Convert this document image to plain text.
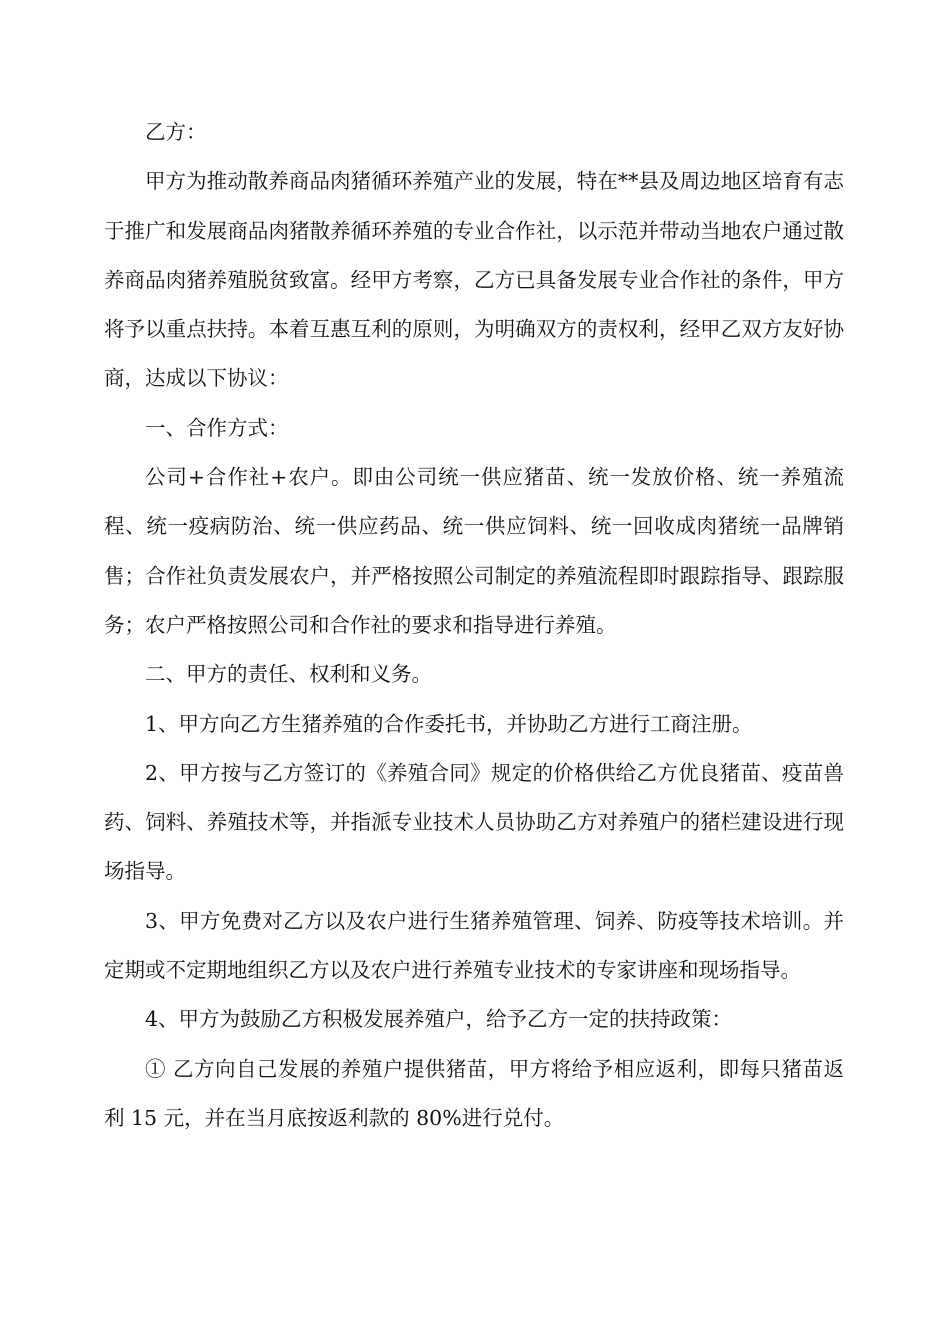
乙方：

甲方为推动散养商品肉猪循环养殖产业的发展，特在**县及周边地区培育有志于推广和发展商品肉猪散养循环养殖的专业合作社，以示范并带动当地农户通过散养商品肉猪养殖脱贫致富。经甲方考察，乙方已具备发展专业合作社的条件，甲方将予以重点扶持。本着互惠互利的原则，为明确双方的责权利，经甲乙双方友好协商，达成以下协议：

一、合作方式：

公司+合作社+农户。即由公司统一供应猪苗、统一发放价格、统一养殖流程、统一疫病防治、统一供应药品、统一供应饲料、统一回收成肉猪统一品牌销售；合作社负责发展农户，并严格按照公司制定的养殖流程即时跟踪指导、跟踪服务；农户严格按照公司和合作社的要求和指导进行养殖。

二、甲方的责任、权利和义务。

1、甲方向乙方生猪养殖的合作委托书，并协助乙方进行工商注册。

2、甲方按与乙方签订的《养殖合同》规定的价格供给乙方优良猪苗、疫苗兽药、饲料、养殖技术等，并指派专业技术人员协助乙方对养殖户的猪栏建设进行现场指导。

3、甲方免费对乙方以及农户进行生猪养殖管理、饲养、防疫等技术培训。并定期或不定期地组织乙方以及农户进行养殖专业技术的专家讲座和现场指导。

4、甲方为鼓励乙方积极发展养殖户，给予乙方一定的扶持政策：

① 乙方向自己发展的养殖户提供猪苗，甲方将给予相应返利，即每只猪苗返利 15 元，并在当月底按返利款的 80%进行兑付。
